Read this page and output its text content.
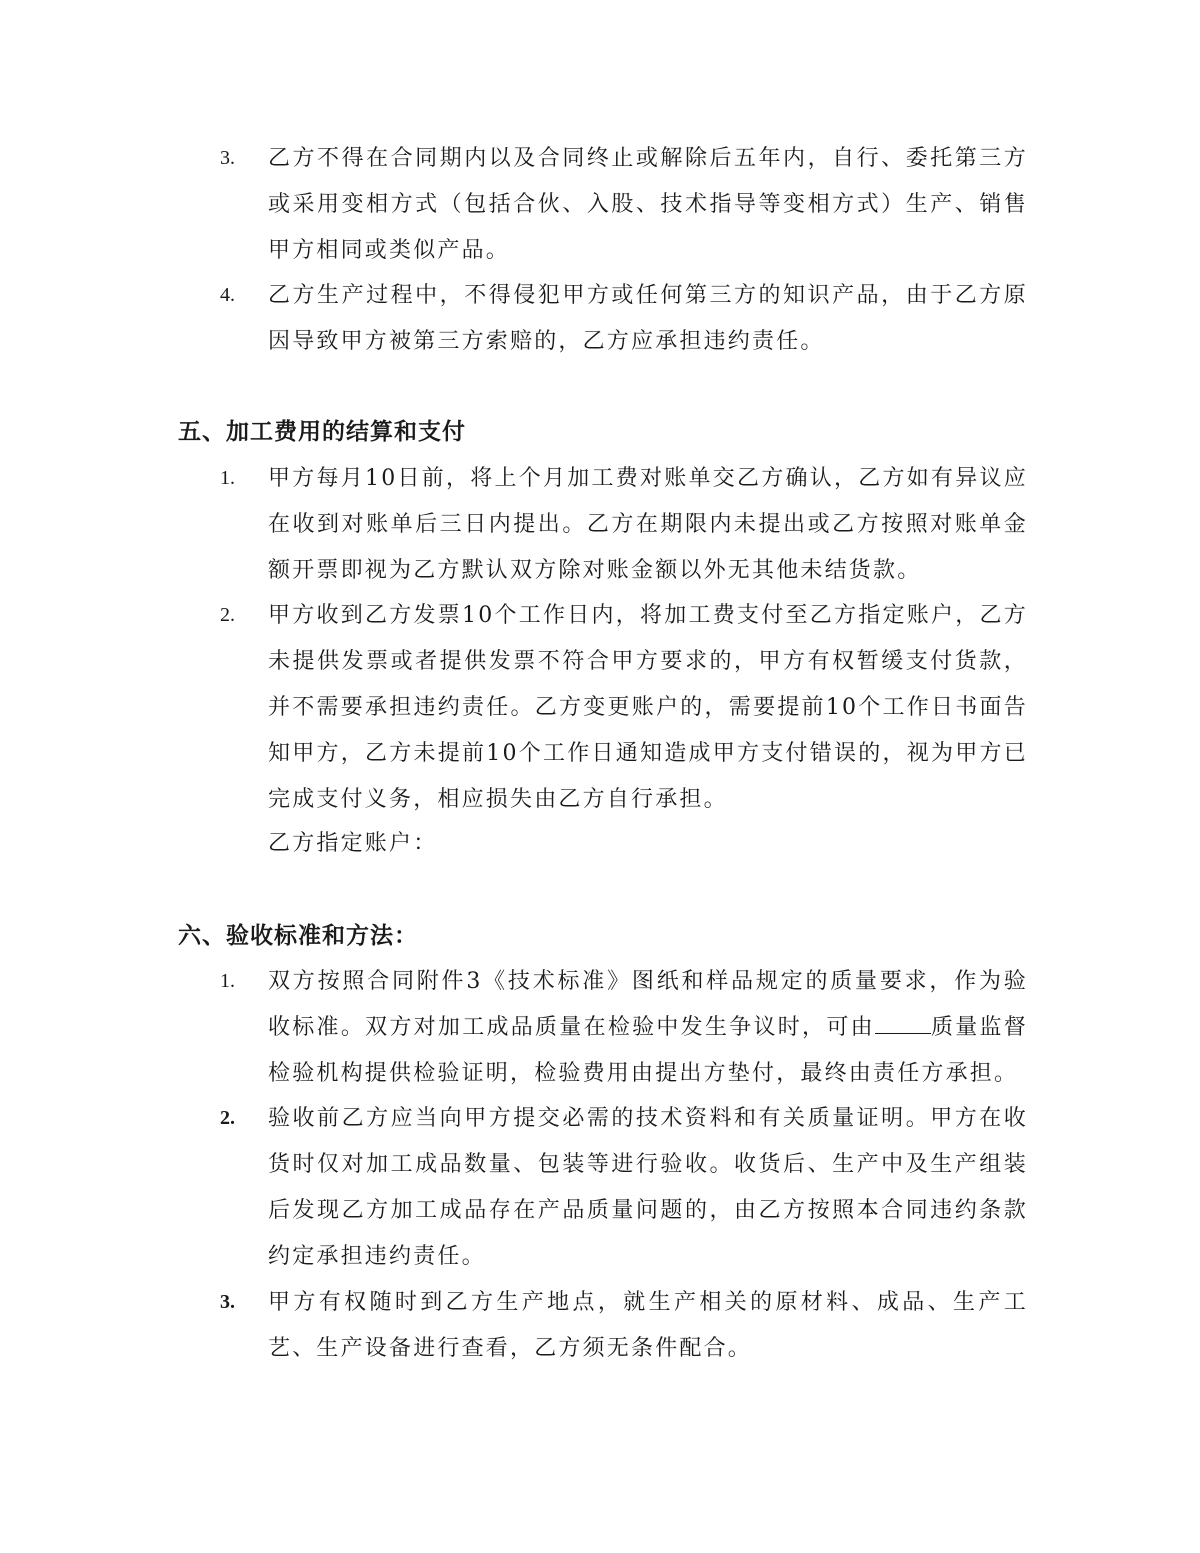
3.	乙方不得在合同期内以及合同终止或解除后五年内，自行、委托第三方或采用变相方式（包括合伙、入股、技术指导等变相方式）生产、销售甲方相同或类似产品。
4.	乙方生产过程中，不得侵犯甲方或任何第三方的知识产品，由于乙方原因导致甲方被第三方索赔的，乙方应承担违约责任。
五、加工费用的结算和支付
1.	甲方每月10日前，将上个月加工费对账单交乙方确认，乙方如有异议应在收到对账单后三日内提出。乙方在期限内未提出或乙方按照对账单金额开票即视为乙方默认双方除对账金额以外无其他未结货款。
2.	甲方收到乙方发票10个工作日内，将加工费支付至乙方指定账户，乙方未提供发票或者提供发票不符合甲方要求的，甲方有权暂缓支付货款，并不需要承担违约责任。乙方变更账户的，需要提前10个工作日书面告知甲方，乙方未提前10个工作日通知造成甲方支付错误的，视为甲方已完成支付义务，相应损失由乙方自行承担。
乙方指定账户：
六、验收标准和方法：
1.	双方按照合同附件3《技术标准》图纸和样品规定的质量要求，作为验收标准。双方对加工成品质量在检验中发生争议时，可由	质量监督检验机构提供检验证明，检验费用由提出方垫付，最终由责任方承担。
2.	验收前乙方应当向甲方提交必需的技术资料和有关质量证明。甲方在收货时仅对加工成品数量、包装等进行验收。收货后、生产中及生产组装后发现乙方加工成品存在产品质量问题的，由乙方按照本合同违约条款约定承担违约责任。
3.	甲方有权随时到乙方生产地点，就生产相关的原材料、成品、生产工艺、生产设备进行查看，乙方须无条件配合。
